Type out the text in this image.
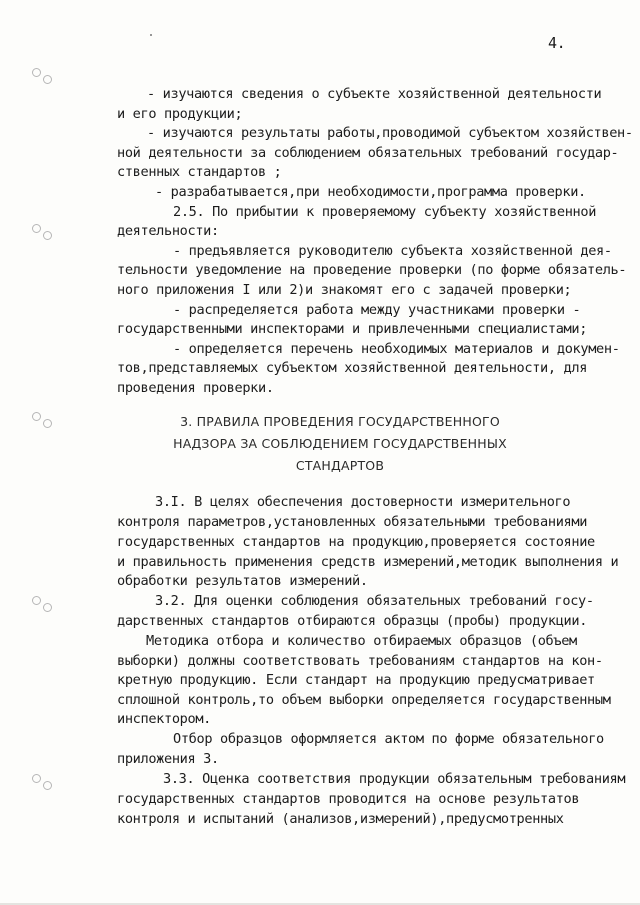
4.
- изучаются сведения о субъекте хозяйственной деятельности
и его продукции;
- изучаются результаты работы,проводимой субъектом хозяйствен-
ной деятельности за соблюдением обязательных требований государ-
ственных стандартов ;
- разрабатывается,при необходимости,программа проверки.
2.5. По прибытии к проверяемому субъекту хозяйственной
деятельности:
- предъявляется руководителю субъекта хозяйственной дея-
тельности уведомление на проведение проверки (по форме обязатель-
ного приложения I или 2)и знакомят его с задачей проверки;
- распределяется работа между участниками проверки -
государственными инспекторами и привлеченными специалистами;
- определяется перечень необходимых материалов и докумен-
тов,представляемых субъектом хозяйственной деятельности, для
проведения проверки.
3. ПРАВИЛА ПРОВЕДЕНИЯ ГОСУДАРСТВЕННОГО
НАДЗОРА ЗА СОБЛЮДЕНИЕМ ГОСУДАРСТВЕННЫХ
СТАНДАРТОВ
3.I. В целях обеспечения достоверности измерительного
контроля параметров,установленных обязательными требованиями
государственных стандартов на продукцию,проверяется состояние
и правильность применения средств измерений,методик выполнения и
обработки результатов измерений.
3.2. Для оценки соблюдения обязательных требований госу-
дарственных стандартов отбираются образцы (пробы) продукции.
Методика отбора и количество отбираемых образцов (объем
выборки) должны соответствовать требованиям стандартов на кон-
кретную продукцию. Если стандарт на продукцию предусматривает
сплошной контроль,то объем выборки определяется государственным
инспектором.
Отбор образцов оформляется актом по форме обязательного
приложения 3.
3.3. Оценка соответствия продукции обязательным требованиям
государственных стандартов проводится на основе результатов
контроля и испытаний (анализов,измерений),предусмотренных
